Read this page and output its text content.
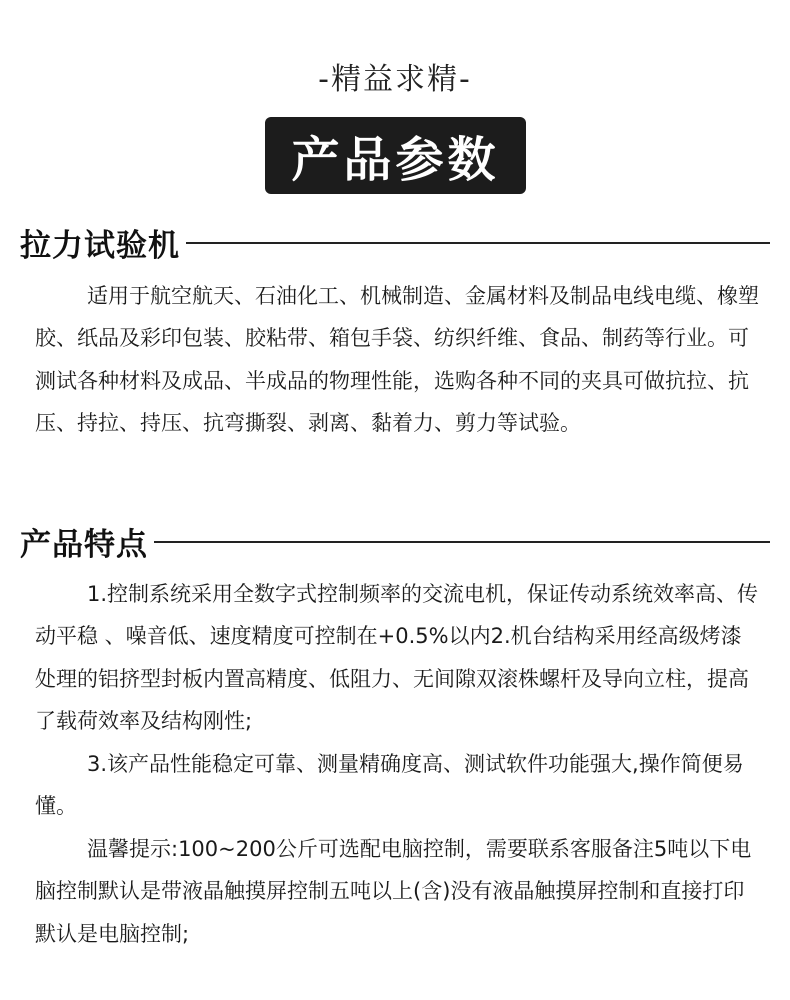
-精益求精-
产品参数
拉力试验机

适用于航空航天、石油化工、机械制造、金属材料及制品电线电缆、橡塑胶、纸品及彩印包装、胶粘带、箱包手袋、纺织纤维、食品、制药等行业。可测试各种材料及成品、半成品的物理性能，选购各种不同的夹具可做抗拉、抗压、持拉、持压、抗弯撕裂、剥离、黏着力、剪力等试验。

产品特点

1.控制系统采用全数字式控制频率的交流电机，保证传动系统效率高、传动平稳 、噪音低、速度精度可控制在+0.5%以内2.机台结构采用经高级烤漆处理的铝挤型封板内置高精度、低阻力、无间隙双滚株螺杆及导向立柱，提高了载荷效率及结构刚性;

3.该产品性能稳定可靠、测量精确度高、测试软件功能强大,操作简便易懂。

温馨提示:100~200公斤可选配电脑控制，需要联系客服备注5吨以下电脑控制默认是带液晶触摸屏控制五吨以上(含)没有液晶触摸屏控制和直接打印默认是电脑控制;
